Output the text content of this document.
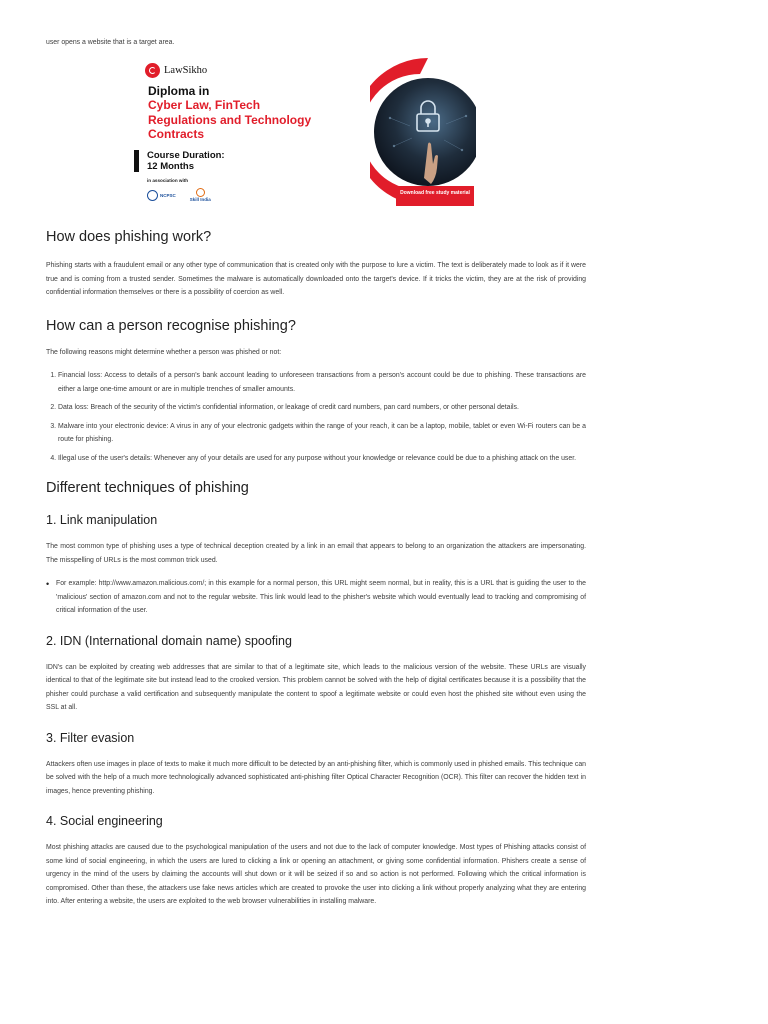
user opens a website that is a target area.

LawSikho
Diploma in
Cyber Law, FinTech
Regulations and Technology
Contracts
Course Duration:
12 Months
in association with
NCPSC
Skill India
Download free study material
How does phishing work?

Phishing starts with a fraudulent email or any other type of communication that is created only with the purpose to lure a victim. The text is deliberately made to look as if it were true and is coming from a trusted sender. Sometimes the malware is automatically downloaded onto the target's device. If it tricks the victim, they are at the risk of providing confidential information themselves or there is a possibility of coercion as well.

How can a person recognise phishing?

The following reasons might determine whether a person was phished or not:

1. Financial loss: Access to details of a person's bank account leading to unforeseen transactions from a person's account could be due to phishing. These transactions are either a large one-time amount or are in multiple trenches of smaller amounts.
2. Data loss: Breach of the security of the victim's confidential information, or leakage of credit card numbers, pan card numbers, or other personal details.
3. Malware into your electronic device: A virus in any of your electronic gadgets within the range of your reach, it can be a laptop, mobile, tablet or even Wi-Fi routers can be a route for phishing.
4. Illegal use of the user's details: Whenever any of your details are used for any purpose without your knowledge or relevance could be due to a phishing attack on the user.
Different techniques of phishing
1. Link manipulation

The most common type of phishing uses a type of technical deception created by a link in an email that appears to belong to an organization the attackers are impersonating. The misspelling of URLs is the most common trick used.

• For example: http://www.amazon.malicious.com/; in this example for a normal person, this URL might seem normal, but in reality, this is a URL that is guiding the user to the 'malicious' section of amazon.com and not to the regular website. This link would lead to the phisher's website which would eventually lead to tracking and compromising of critical information of the user.
2. IDN (International domain name) spoofing

IDN's can be exploited by creating web addresses that are similar to that of a legitimate site, which leads to the malicious version of the website. These URLs are visually identical to that of the legitimate site but instead lead to the crooked version. This problem cannot be solved with the help of digital certificates because it is a possibility that the phisher could purchase a valid certification and subsequently manipulate the content to spoof a legitimate website or could even host the phished site without even using the SSL at all.

3. Filter evasion

Attackers often use images in place of texts to make it much more difficult to be detected by an anti-phishing filter, which is commonly used in phished emails. This technique can be solved with the help of a much more technologically advanced sophisticated anti-phishing filter Optical Character Recognition (OCR). This filter can recover the hidden text in images, hence preventing phishing.

4. Social engineering

Most phishing attacks are caused due to the psychological manipulation of the users and not due to the lack of computer knowledge. Most types of Phishing attacks consist of some kind of social engineering, in which the users are lured to clicking a link or opening an attachment, or giving some confidential information. Phishers create a sense of urgency in the mind of the users by claiming the accounts will shut down or it will be seized if so and so action is not performed. Following which the critical information is compromised. Other than these, the attackers use fake news articles which are created to provoke the user into clicking a link without properly analyzing what they are entering into. After entering a website, the users are exploited to the web browser vulnerabilities in installing malware.
